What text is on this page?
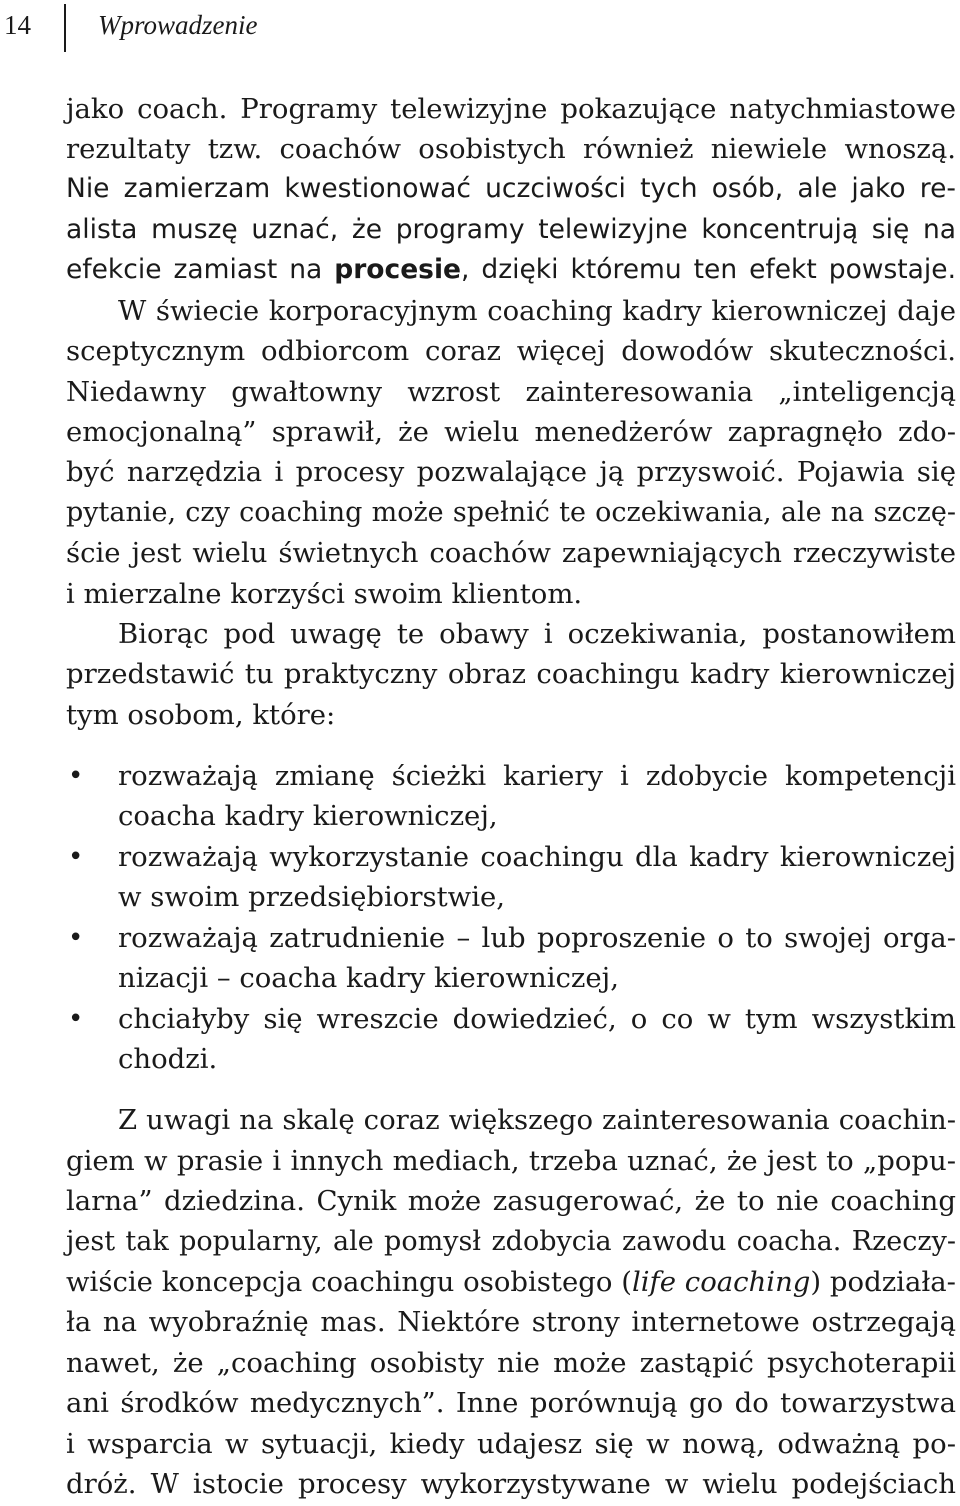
14 Wprowadzenie
jako coach. Programy telewizyjne pokazujące natychmiastowe
rezultaty tzw. coachów osobistych również niewiele wnoszą.
Nie zamierzam kwestionować uczciwości tych osób, ale jako re-
alista muszę uznać, że programy telewizyjne koncentrują się na
efekcie zamiast na procesie, dzięki któremu ten efekt powstaje.
W świecie korporacyjnym coaching kadry kierowniczej daje
sceptycznym odbiorcom coraz więcej dowodów skuteczności.
Niedawny gwałtowny wzrost zainteresowania „inteligencją
emocjonalną” sprawił, że wielu menedżerów zapragnęło zdo-
być narzędzia i procesy pozwalające ją przyswoić. Pojawia się
pytanie, czy coaching może spełnić te oczekiwania, ale na szczę-
ście jest wielu świetnych coachów zapewniających rzeczywiste
i mierzalne korzyści swoim klientom.
Biorąc pod uwagę te obawy i oczekiwania, postanowiłem
przedstawić tu praktyczny obraz coachingu kadry kierowniczej
tym osobom, które:
• rozważają zmianę ścieżki kariery i zdobycie kompetencji
coacha kadry kierowniczej,
• rozważają wykorzystanie coachingu dla kadry kierowniczej
w swoim przedsiębiorstwie,
• rozważają zatrudnienie – lub poproszenie o to swojej orga-
nizacji – coacha kadry kierowniczej,
• chciałyby się wreszcie dowiedzieć, o co w tym wszystkim
chodzi.
Z uwagi na skalę coraz większego zainteresowania coachin-
giem w prasie i innych mediach, trzeba uznać, że jest to „popu-
larna” dziedzina. Cynik może zasugerować, że to nie coaching
jest tak popularny, ale pomysł zdobycia zawodu coacha. Rzeczy-
wiście koncepcja coachingu osobistego (life coaching) podziała-
ła na wyobraźnię mas. Niektóre strony internetowe ostrzegają
nawet, że „coaching osobisty nie może zastąpić psychoterapii
ani środków medycznych”. Inne porównują go do towarzystwa
i wsparcia w sytuacji, kiedy udajesz się w nową, odważną po-
dróż. W istocie procesy wykorzystywane w wielu podejściach
